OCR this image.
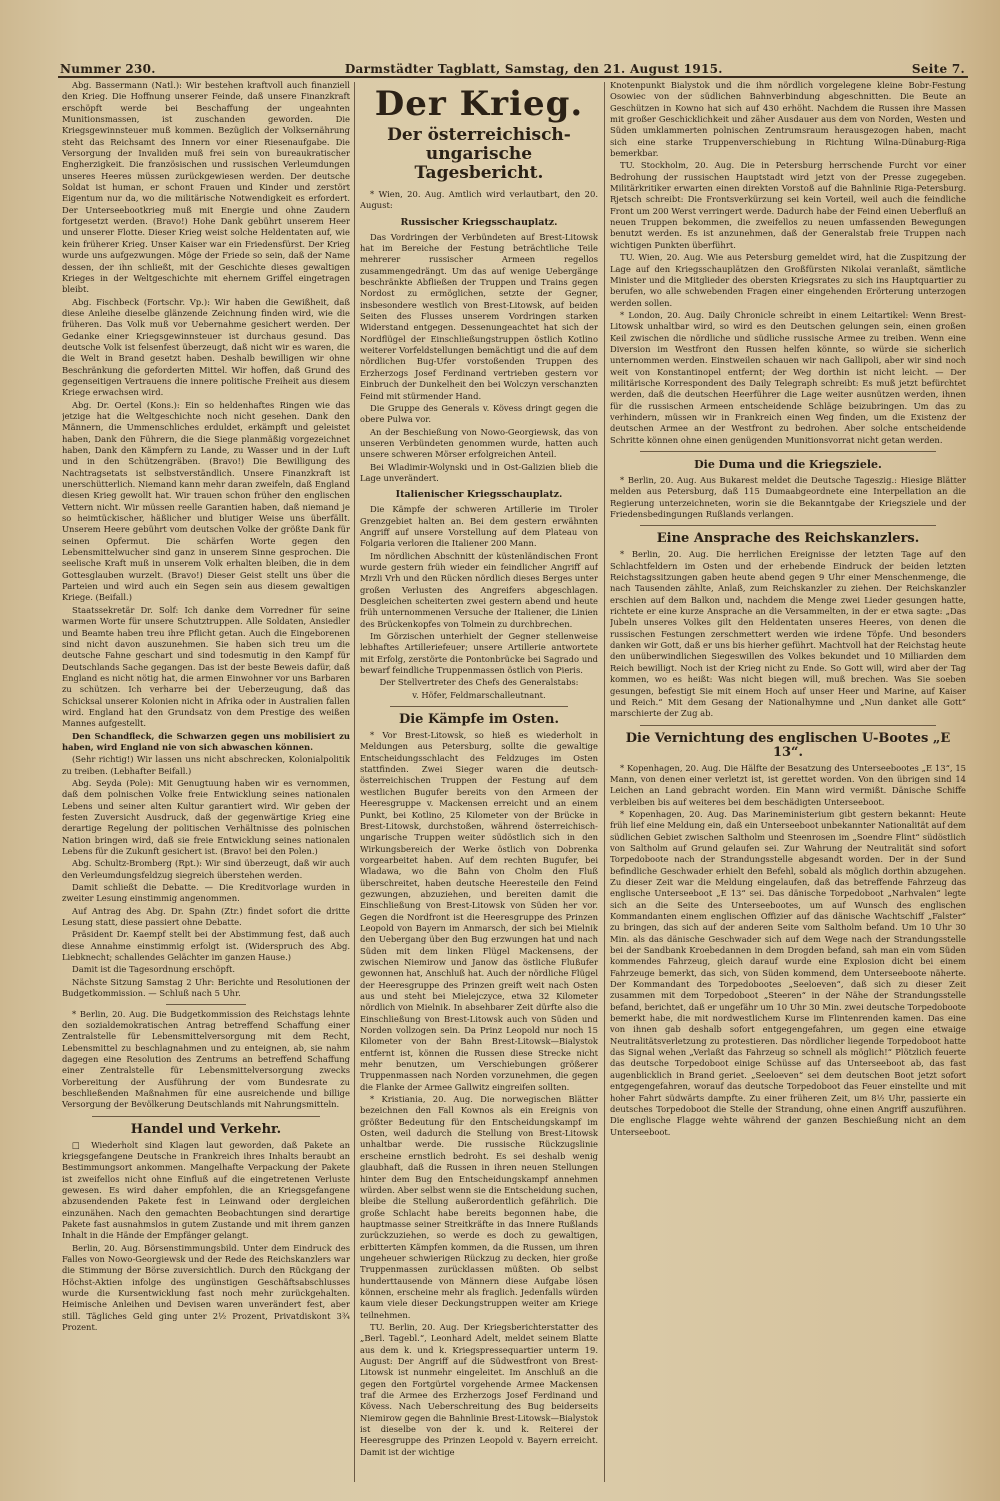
Nummer 230.	Darmstädter Tagblatt, Samstag, den 21. August 1915.	Seite 7.

Abg. Bassermann (Natl.): Wir bestehen kraftvoll auch finanziell den Krieg. Die Hoffnung unserer Feinde, daß unsere Finanzkraft erschöpft werde bei Beschaffung der ungeahnten Munitionsmassen, ist zuschanden geworden. Die Kriegsgewinnsteuer muß kommen. Bezüglich der Volksernährung steht das Reichsamt des Innern vor einer Riesenaufgabe. Die Versorgung der Invaliden muß frei sein von bureaukratischer Engherzigkeit. Die französischen und russischen Verleumdungen unseres Heeres müssen zurückgewiesen werden. Der deutsche Soldat ist human, er schont Frauen und Kinder und zerstört Eigentum nur da, wo die militärische Notwendigkeit es erfordert. Der Unterseebootkrieg muß mit Energie und ohne Zaudern fortgesetzt werden. (Bravo!) Hohe Dank gebührt unserem Heer und unserer Flotte. Dieser Krieg weist solche Heldentaten auf, wie kein früherer Krieg. Unser Kaiser war ein Friedensfürst. Der Krieg wurde uns aufgezwungen. Möge der Friede so sein, daß der Name dessen, der ihn schließt, mit der Geschichte dieses gewaltigen Krieges in der Weltgeschichte mit ehernem Griffel eingetragen bleibt.

Abg. Fischbeck (Fortschr. Vp.): Wir haben die Gewißheit, daß diese Anleihe dieselbe glänzende Zeichnung finden wird, wie die früheren. Das Volk muß vor Uebernahme gesichert werden. Der Gedanke einer Kriegsgewinnsteuer ist durchaus gesund. Das deutsche Volk ist felsenfest überzeugt, daß nicht wir es waren, die die Welt in Brand gesetzt haben. Deshalb bewilligen wir ohne Beschränkung die geforderten Mittel. Wir hoffen, daß Grund des gegenseitigen Vertrauens die innere politische Freiheit aus diesem Kriege erwachsen wird.

Abg. Dr. Oertel (Kons.): Ein so heldenhaftes Ringen wie das jetzige hat die Weltgeschichte noch nicht gesehen. Dank den Männern, die Ummenschliches erduldet, erkämpft und geleistet haben, Dank den Führern, die die Siege planmäßig vorgezeichnet haben, Dank den Kämpfern zu Lande, zu Wasser und in der Luft und in den Schützengräben. (Bravo!) Die Bewilligung des Nachtragsetats ist selbstverständlich. Unsere Finanzkraft ist unerschütterlich. Niemand kann mehr daran zweifeln, daß England diesen Krieg gewollt hat. Wir trauen schon früher den englischen Vettern nicht. Wir müssen reelle Garantien haben, daß niemand je so heimtückischer, häßlicher und blutiger Weise uns überfällt. Unserem Heere gebührt vom deutschen Volke der größte Dank für seinen Opfermut. Die schärfen Worte gegen den Lebensmittelwucher sind ganz in unserem Sinne gesprochen. Die seelische Kraft muß in unserem Volk erhalten bleiben, die in dem Gottesglauben wurzelt. (Bravo!) Dieser Geist stellt uns über die Parteien und wird auch ein Segen sein aus diesem gewaltigen Kriege. (Beifall.)

Staatssekretär Dr. Solf: Ich danke dem Vorredner für seine warmen Worte für unsere Schutztruppen. Alle Soldaten, Ansiedler und Beamte haben treu ihre Pflicht getan. Auch die Eingeborenen sind nicht davon auszunehmen. Sie haben sich treu um die deutsche Fahne geschart und sind todesmutig in den Kampf für Deutschlands Sache gegangen. Das ist der beste Beweis dafür, daß England es nicht nötig hat, die armen Einwohner vor uns Barbaren zu schützen. Ich verharre bei der Ueberzeugung, daß das Schicksal unserer Kolonien nicht in Afrika oder in Australien fallen wird. England hat den Grundsatz von dem Prestige des weißen Mannes aufgestellt.

Den Schandfleck, die Schwarzen gegen uns mobilisiert zu haben, wird England nie von sich abwaschen können.

(Sehr richtig!) Wir lassen uns nicht abschrecken, Kolonialpolitik zu treiben. (Lebhafter Beifall.)

Abg. Seyda (Pole): Mit Genugtuung haben wir es vernommen, daß dem polnischen Volke freie Entwicklung seines nationalen Lebens und seiner alten Kultur garantiert wird. Wir geben der festen Zuversicht Ausdruck, daß der gegenwärtige Krieg eine derartige Regelung der politischen Verhältnisse des polnischen Nation bringen wird, daß sie freie Entwicklung seines nationalen Lebens für die Zukunft gesichert ist. (Bravo! bei den Polen.)

Abg. Schultz-Bromberg (Rpt.): Wir sind überzeugt, daß wir auch den Verleumdungsfeldzug siegreich überstehen werden.

Damit schließt die Debatte. — Die Kreditvorlage wurden in zweiter Lesung einstimmig angenommen.

Auf Antrag des Abg. Dr. Spahn (Ztr.) findet sofort die dritte Lesung statt, diese passiert ohne Debatte.

Präsident Dr. Kaempf stellt bei der Abstimmung fest, daß auch diese Annahme einstimmig erfolgt ist. (Widerspruch des Abg. Liebknecht; schallendes Gelächter im ganzen Hause.)

Damit ist die Tagesordnung erschöpft.

Nächste Sitzung Samstag 2 Uhr: Berichte und Resolutionen der Budgetkommission. — Schluß nach 5 Uhr.

* Berlin, 20. Aug. Die Budgetkommission des Reichstags lehnte den sozialdemokratischen Antrag betreffend Schaffung einer Zentralstelle für Lebensmittelversorgung mit dem Recht, Lebensmittel zu beschlagnahmen und zu enteignen, ab, sie nahm dagegen eine Resolution des Zentrums an betreffend Schaffung einer Zentralstelle für Lebensmittelversorgung zwecks Vorbereitung der Ausführung der vom Bundesrate zu beschließenden Maßnahmen für eine ausreichende und billige Versorgung der Bevölkerung Deutschlands mit Nahrungsmitteln.

Handel und Verkehr.

□ Wiederholt sind Klagen laut geworden, daß Pakete an kriegsgefangene Deutsche in Frankreich ihres Inhalts beraubt an Bestimmungsort ankommen. Mangelhafte Verpackung der Pakete ist zweifellos nicht ohne Einfluß auf die eingetretenen Verluste gewesen. Es wird daher empfohlen, die an Kriegsgefangene abzusendenden Pakete fest in Leinwand oder dergleichen einzunähen. Nach den gemachten Beobachtungen sind derartige Pakete fast ausnahmslos in gutem Zustande und mit ihrem ganzen Inhalt in die Hände der Empfänger gelangt.

Berlin, 20. Aug. Börsenstimmungsbild. Unter dem Eindruck des Falles von Nowo-Georgiewsk und der Rede des Reichskanzlers war die Stimmung der Börse zuversichtlich. Durch den Rückgang der Höchst-Aktien infolge des ungünstigen Geschäftsabschlusses wurde die Kursentwicklung fast noch mehr zurückgehalten. Heimische Anleihen und Devisen waren unverändert fest, aber still. Tägliches Geld ging unter 2½ Prozent, Privatdiskont 3¾ Prozent.

Der Krieg.
Der österreichisch-ungarische Tagesbericht.

* Wien, 20. Aug. Amtlich wird verlautbart, den 20. August:

Russischer Kriegsschauplatz.

Das Vordringen der Verbündeten auf Brest-Litowsk hat im Bereiche der Festung beträchtliche Teile mehrerer russischer Armeen regellos zusammengedrängt. Um das auf wenige Uebergänge beschränkte Abfließen der Truppen und Trains gegen Nordost zu ermöglichen, setzte der Gegner, insbesondere westlich von Brest-Litowsk, auf beiden Seiten des Flusses unserem Vordringen starken Widerstand entgegen. Dessenungeachtet hat sich der Nordflügel der Einschließungstruppen östlich Kotlino weiterer Vorfeldstellungen bemächtigt und die auf dem nördlichen Bug-Ufer vorstoßenden Truppen des Erzherzogs Josef Ferdinand vertrieben gestern vor Einbruch der Dunkelheit den bei Wolczyn verschanzten Feind mit stürmender Hand.

Die Gruppe des Generals v. Kövess dringt gegen die obere Pulwa vor.

An der Beschießung von Nowo-Georgiewsk, das von unseren Verbündeten genommen wurde, hatten auch unsere schweren Mörser erfolgreichen Anteil.

Bei Wladimir-Wolynski und in Ost-Galizien blieb die Lage unverändert.

Italienischer Kriegsschauplatz.

Die Kämpfe der schweren Artillerie im Tiroler Grenzgebiet halten an. Bei dem gestern erwähnten Angriff auf unsere Vorstellung auf dem Plateau von Folgaria verloren die Italiener 200 Mann.

Im nördlichen Abschnitt der küstenländischen Front wurde gestern früh wieder ein feindlicher Angriff auf Mrzli Vrh und den Rücken nördlich dieses Berges unter großen Verlusten des Angreifers abgeschlagen. Desgleichen scheiterten zwei gestern abend und heute früh unternommenen Versuche der Italiener, die Linien des Brückenkopfes von Tolmein zu durchbrechen.

Im Görzischen unterhielt der Gegner stellenweise lebhaftes Artilleriefeuer; unsere Artillerie antwortete mit Erfolg, zerstörte die Pontonbrücke bei Sagrado und bewarf feindliche Truppenmassen östlich von Pieris.

Der Stellvertreter des Chefs des Generalstabs:

v. Höfer, Feldmarschalleutnant.

Die Kämpfe im Osten.

* Vor Brest-Litowsk, so hieß es wiederholt in Meldungen aus Petersburg, sollte die gewaltige Entscheidungsschlacht des Feldzuges im Osten stattfinden. Zwei Sieger waren die deutsch-österreichischen Truppen der Festung auf dem westlichen Bugufer bereits von den Armeen der Heeresgruppe v. Mackensen erreicht und an einem Punkt, bei Kotlino, 25 Kilometer von der Brücke in Brest-Litowsk, durchstoßen, während österreichisch-ungarische Truppen weiter südöstlich sich in den Wirkungsbereich der Werke östlich von Dobrenka vorgearbeitet haben. Auf dem rechten Bugufer, bei Wladawa, wo die Bahn von Cholm den Fluß überschreitet, haben deutsche Heeresteile den Feind gezwungen, abzuziehen, und bereiten damit die Einschließung von Brest-Litowsk von Süden her vor. Gegen die Nordfront ist die Heeresgruppe des Prinzen Leopold von Bayern im Anmarsch, der sich bei Mielnik den Uebergang über den Bug erzwungen hat und nach Süden mit dem linken Flügel Mackensens, der zwischen Niemirow und Janow das östliche Flußufer gewonnen hat, Anschluß hat. Auch der nördliche Flügel der Heeresgruppe des Prinzen greift weit nach Osten aus und steht bei Mielejczyce, etwa 32 Kilometer nördlich von Mielnik. In absehbarer Zeit dürfte also die Einschließung von Brest-Litowsk auch von Süden und Norden vollzogen sein. Da Prinz Leopold nur noch 15 Kilometer von der Bahn Brest-Litowsk—Bialystok entfernt ist, können die Russen diese Strecke nicht mehr benutzen, um Verschiebungen größerer Truppenmassen nach Norden vorzunehmen, die gegen die Flanke der Armee Gallwitz eingreifen sollten.

* Kristiania, 20. Aug. Die norwegischen Blätter bezeichnen den Fall Kownos als ein Ereignis von größter Bedeutung für den Entscheidungskampf im Osten, weil dadurch die Stellung von Brest-Litowsk unhaltbar werde. Die russische Rückzugslinie erscheine ernstlich bedroht. Es sei deshalb wenig glaubhaft, daß die Russen in ihren neuen Stellungen hinter dem Bug den Entscheidungskampf annehmen würden. Aber selbst wenn sie die Entscheidung suchen, bleibe die Stellung außerordentlich gefährlich. Die große Schlacht habe bereits begonnen habe, die hauptmasse seiner Streitkräfte in das Innere Rußlands zurückzuziehen, so werde es doch zu gewaltigen, erbitterten Kämpfen kommen, da die Russen, um ihren ungeheuer schwierigen Rückzug zu decken, hier große Truppenmassen zurücklassen müßten. Ob selbst hunderttausende von Männern diese Aufgabe lösen können, erscheine mehr als fraglich. Jedenfalls würden kaum viele dieser Deckungstruppen weiter am Kriege teilnehmen.

TU. Berlin, 20. Aug. Der Kriegsberichterstatter des „Berl. Tagebl.“, Leonhard Adelt, meldet seinem Blatte aus dem k. und k. Kriegspressequartier unterm 19. August: Der Angriff auf die Südwestfront von Brest-Litowsk ist nunmehr eingeleitet. Im Anschluß an die gegen den Fortgürtel vorgehende Armee Mackensen traf die Armee des Erzherzogs Josef Ferdinand und Kövess. Nach Ueberschreitung des Bug beiderseits Niemirow gegen die Bahnlinie Brest-Litowsk—Bialystok ist dieselbe von der k. und k. Reiterei der Heeresgruppe des Prinzen Leopold v. Bayern erreicht. Damit ist der wichtige

Knotenpunkt Bialystok und die ihm nördlich vorgelegene kleine Bobr-Festung Osowiec von der südlichen Bahnverbindung abgeschnitten. Die Beute an Geschützen in Kowno hat sich auf 430 erhöht. Nachdem die Russen ihre Massen mit großer Geschicklichkeit und zäher Ausdauer aus dem von Norden, Westen und Süden umklammerten polnischen Zentrumsraum herausgezogen haben, macht sich eine starke Truppenverschiebung in Richtung Wilna-Dünaburg-Riga bemerkbar.

TU. Stockholm, 20. Aug. Die in Petersburg herrschende Furcht vor einer Bedrohung der russischen Hauptstadt wird jetzt von der Presse zugegeben. Militärkritiker erwarten einen direkten Vorstoß auf die Bahnlinie Riga-Petersburg. Rjetsch schreibt: Die Frontsverkürzung sei kein Vorteil, weil auch die feindliche Front um 200 Werst verringert werde. Dadurch habe der Feind einen Ueberfluß an neuen Truppen bekommen, die zweifellos zu neuen umfassenden Bewegungen benutzt werden. Es ist anzunehmen, daß der Generalstab freie Truppen nach wichtigen Punkten überführt.

TU. Wien, 20. Aug. Wie aus Petersburg gemeldet wird, hat die Zuspitzung der Lage auf den Kriegsschauplätzen den Großfürsten Nikolai veranlaßt, sämtliche Minister und die Mitglieder des obersten Kriegsrates zu sich ins Hauptquartier zu berufen, wo alle schwebenden Fragen einer eingehenden Erörterung unterzogen werden sollen.

* London, 20. Aug. Daily Chronicle schreibt in einem Leitartikel: Wenn Brest-Litowsk unhaltbar wird, so wird es den Deutschen gelungen sein, einen großen Keil zwischen die nördliche und südliche russische Armee zu treiben. Wenn eine Diversion im Westfront den Russen helfen könnte, so würde sie sicherlich unternommen werden. Einstweilen schauen wir nach Gallipoli, aber wir sind noch weit von Konstantinopel entfernt; der Weg dorthin ist nicht leicht. — Der militärische Korrespondent des Daily Telegraph schreibt: Es muß jetzt befürchtet werden, daß die deutschen Heerführer die Lage weiter ausnützen werden, ihnen für die russischen Armeen entscheidende Schläge beizubringen. Um das zu verhindern, müssen wir in Frankreich einen Weg finden, um die Existenz der deutschen Armee an der Westfront zu bedrohen. Aber solche entscheidende Schritte können ohne einen genügenden Munitionsvorrat nicht getan werden.

Die Duma und die Kriegsziele.

* Berlin, 20. Aug. Aus Bukarest meldet die Deutsche Tageszig.: Hiesige Blätter melden aus Petersburg, daß 115 Dumaabgeordnete eine Interpellation an die Regierung unterzeichneten, worin sie die Bekanntgabe der Kriegsziele und der Friedensbedingungen Rußlands verlangen.

Eine Ansprache des Reichskanzlers.

* Berlin, 20. Aug. Die herrlichen Ereignisse der letzten Tage auf den Schlachtfeldern im Osten und der erhebende Eindruck der beiden letzten Reichstagssitzungen gaben heute abend gegen 9 Uhr einer Menschenmenge, die nach Tausenden zählte, Anlaß, zum Reichskanzler zu ziehen. Der Reichskanzler erschien auf dem Balkon und, nachdem die Menge zwei Lieder gesungen hatte, richtete er eine kurze Ansprache an die Versammelten, in der er etwa sagte: „Das Jubeln unseres Volkes gilt den Heldentaten unseres Heeres, von denen die russischen Festungen zerschmettert werden wie irdene Töpfe. Und besonders danken wir Gott, daß er uns bis hierher geführt. Machtvoll hat der Reichstag heute den unüberwindlichen Siegeswillen des Volkes bekundet und 10 Milliarden dem Reich bewilligt. Noch ist der Krieg nicht zu Ende. So Gott will, wird aber der Tag kommen, wo es heißt: Was nicht biegen will, muß brechen. Was Sie soeben gesungen, befestigt Sie mit einem Hoch auf unser Heer und Marine, auf Kaiser und Reich.“ Mit dem Gesang der Nationalhymne und „Nun danket alle Gott“ marschierte der Zug ab.

Die Vernichtung des englischen U-Bootes „E 13“.

* Kopenhagen, 20. Aug. Die Hälfte der Besatzung des Unterseebootes „E 13“, 15 Mann, von denen einer verletzt ist, ist gerettet worden. Von den übrigen sind 14 Leichen an Land gebracht worden. Ein Mann wird vermißt. Dänische Schiffe verbleiben bis auf weiteres bei dem beschädigten Unterseeboot.

* Kopenhagen, 20. Aug. Das Marineministerium gibt gestern bekannt: Heute früh lief eine Meldung ein, daß ein Unterseeboot unbekannter Nationalität auf dem südlichen Gebiet zwischen Saltholm und Steenrosen im „Soendre Flint“ südöstlich von Saltholm auf Grund gelaufen sei. Zur Wahrung der Neutralität sind sofort Torpedoboote nach der Strandungsstelle abgesandt worden. Der in der Sund befindliche Geschwader erhielt den Befehl, sobald als möglich dorthin abzugehen. Zu dieser Zeit war die Meldung eingelaufen, daß das betreffende Fahrzeug das englische Unterseeboot „E 13“ sei. Das dänische Torpedoboot „Narhvalen“ legte sich an die Seite des Unterseebootes, um auf Wunsch des englischen Kommandanten einem englischen Offizier auf das dänische Wachtschiff „Falster“ zu bringen, das sich auf der anderen Seite vom Saltholm befand. Um 10 Uhr 30 Min. als das dänische Geschwader sich auf dem Wege nach der Strandungsstelle bei der Sandbank Kroebedannen in dem Drogden befand, sah man ein vom Süden kommendes Fahrzeug, gleich darauf wurde eine Explosion dicht bei einem Fahrzeuge bemerkt, das sich, von Süden kommend, dem Unterseeboote näherte. Der Kommandant des Torpedobootes „Seeloeven“, daß sich zu dieser Zeit zusammen mit dem Torpedoboot „Steeren“ in der Nähe der Strandungsstelle befand, berichtet, daß er ungefähr um 10 Uhr 30 Min. zwei deutsche Torpedoboote bemerkt habe, die mit nordwestlichem Kurse im Flintenrenden kamen. Das eine von ihnen gab deshalb sofort entgegengefahren, um gegen eine etwaige Neutralitätsverletzung zu protestieren. Das nördlicher liegende Torpedoboot hatte das Signal wehen „Verlaßt das Fahrzeug so schnell als möglich!“ Plötzlich feuerte das deutsche Torpedoboot einige Schüsse auf das Unterseeboot ab, das fast augenblicklich in Brand geriet. „Seeloeven“ sei dem deutschen Boot jetzt sofort entgegengefahren, worauf das deutsche Torpedoboot das Feuer einstellte und mit hoher Fahrt südwärts dampfte. Zu einer früheren Zeit, um 8½ Uhr, passierte ein deutsches Torpedoboot die Stelle der Strandung, ohne einen Angriff auszuführen. Die englische Flagge wehte während der ganzen Beschießung nicht an dem Unterseeboot.
